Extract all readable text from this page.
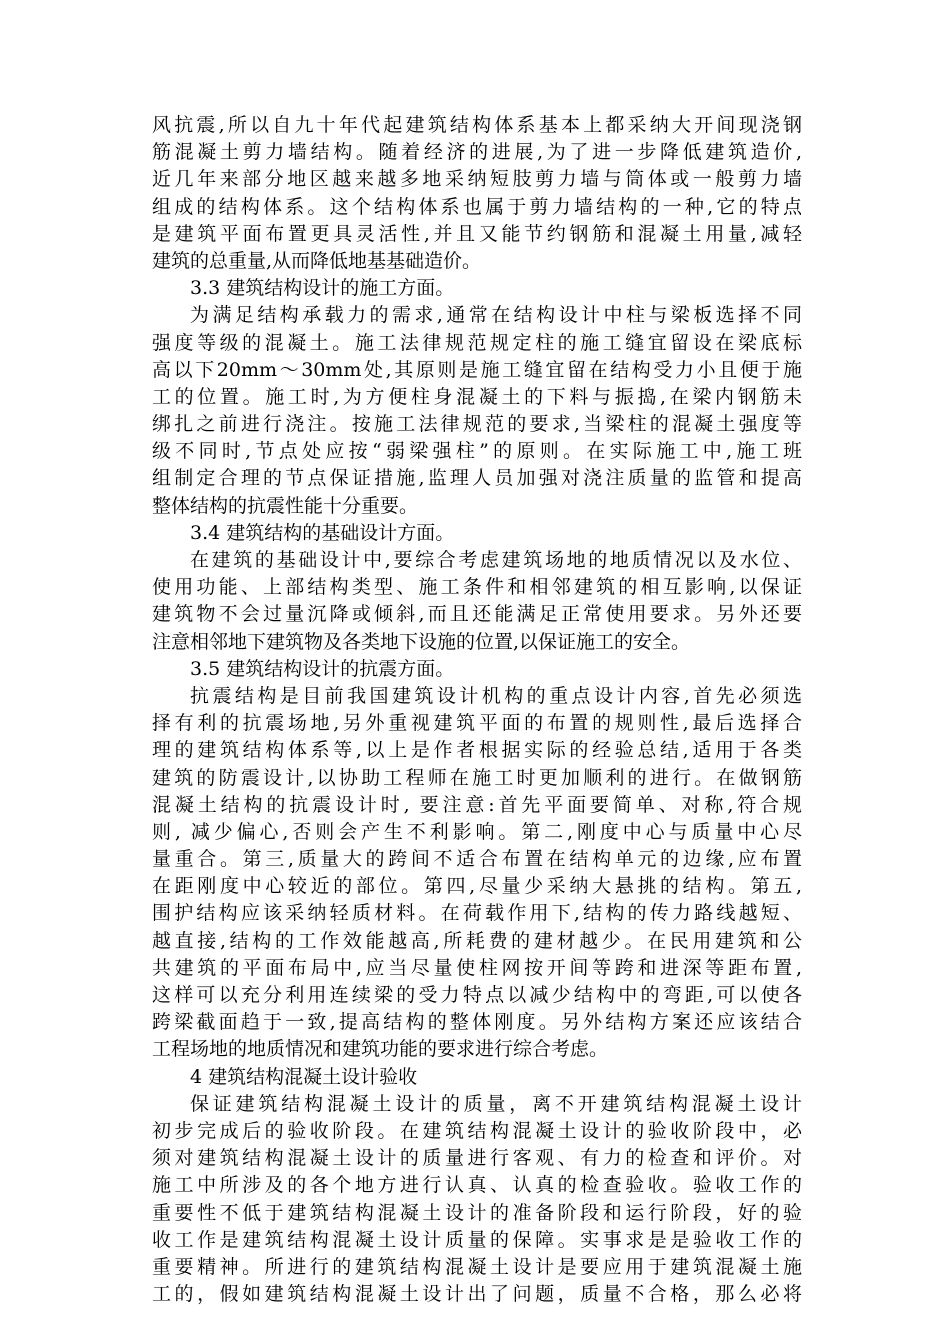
风抗震,所以自九十年代起建筑结构体系基本上都采纳大开间现浇钢
筋混凝土剪力墙结构。随着经济的进展,为了进一步降低建筑造价,
近几年来部分地区越来越多地采纳短肢剪力墙与筒体或一般剪力墙
组成的结构体系。这个结构体系也属于剪力墙结构的一种,它的特点
是建筑平面布置更具灵活性,并且又能节约钢筋和混凝土用量,减轻
建筑的总重量,从而降低地基基础造价。
3.3 建筑结构设计的施工方面。
为满足结构承载力的需求,通常在结构设计中柱与梁板选择不同
强度等级的混凝土。施工法律规范规定柱的施工缝宜留设在梁底标
高以下20mm～30mm处,其原则是施工缝宜留在结构受力小且便于施
工的位置。施工时,为方便柱身混凝土的下料与振捣,在梁内钢筋未
绑扎之前进行浇注。按施工法律规范的要求,当梁柱的混凝土强度等
级不同时,节点处应按“弱梁强柱”的原则。在实际施工中,施工班
组制定合理的节点保证措施,监理人员加强对浇注质量的监管和提高
整体结构的抗震性能十分重要。
3.4 建筑结构的基础设计方面。
在建筑的基础设计中,要综合考虑建筑场地的地质情况以及水位、
使用功能、上部结构类型、施工条件和相邻建筑的相互影响,以保证
建筑物不会过量沉降或倾斜,而且还能满足正常使用要求。另外还要
注意相邻地下建筑物及各类地下设施的位置,以保证施工的安全。
3.5 建筑结构设计的抗震方面。
抗震结构是目前我国建筑设计机构的重点设计内容,首先必须选
择有利的抗震场地,另外重视建筑平面的布置的规则性,最后选择合
理的建筑结构体系等,以上是作者根据实际的经验总结,适用于各类
建筑的防震设计,以协助工程师在施工时更加顺利的进行。在做钢筋
混凝土结构的抗震设计时, 要注意:首先平面要简单、对称,符合规
则, 减少偏心,否则会产生不利影响。第二,刚度中心与质量中心尽
量重合。第三,质量大的跨间不适合布置在结构单元的边缘,应布置
在距刚度中心较近的部位。第四,尽量少采纳大悬挑的结构。第五,
围护结构应该采纳轻质材料。在荷载作用下,结构的传力路线越短、
越直接,结构的工作效能越高,所耗费的建材越少。在民用建筑和公
共建筑的平面布局中,应当尽量使柱网按开间等跨和进深等距布置,
这样可以充分利用连续梁的受力特点以减少结构中的弯距,可以使各
跨梁截面趋于一致,提高结构的整体刚度。另外结构方案还应该结合
工程场地的地质情况和建筑功能的要求进行综合考虑。
4 建筑结构混凝土设计验收
保证建筑结构混凝土设计的质量，离不开建筑结构混凝土设计
初步完成后的验收阶段。在建筑结构混凝土设计的验收阶段中，必
须对建筑结构混凝土设计的质量进行客观、有力的检查和评价。对
施工中所涉及的各个地方进行认真、认真的检查验收。验收工作的
重要性不低于建筑结构混凝土设计的准备阶段和运行阶段，好的验
收工作是建筑结构混凝土设计质量的保障。实事求是是验收工作的
重要精神。所进行的建筑结构混凝土设计是要应用于建筑混凝土施
工的，假如建筑结构混凝土设计出了问题，质量不合格，那么必将
